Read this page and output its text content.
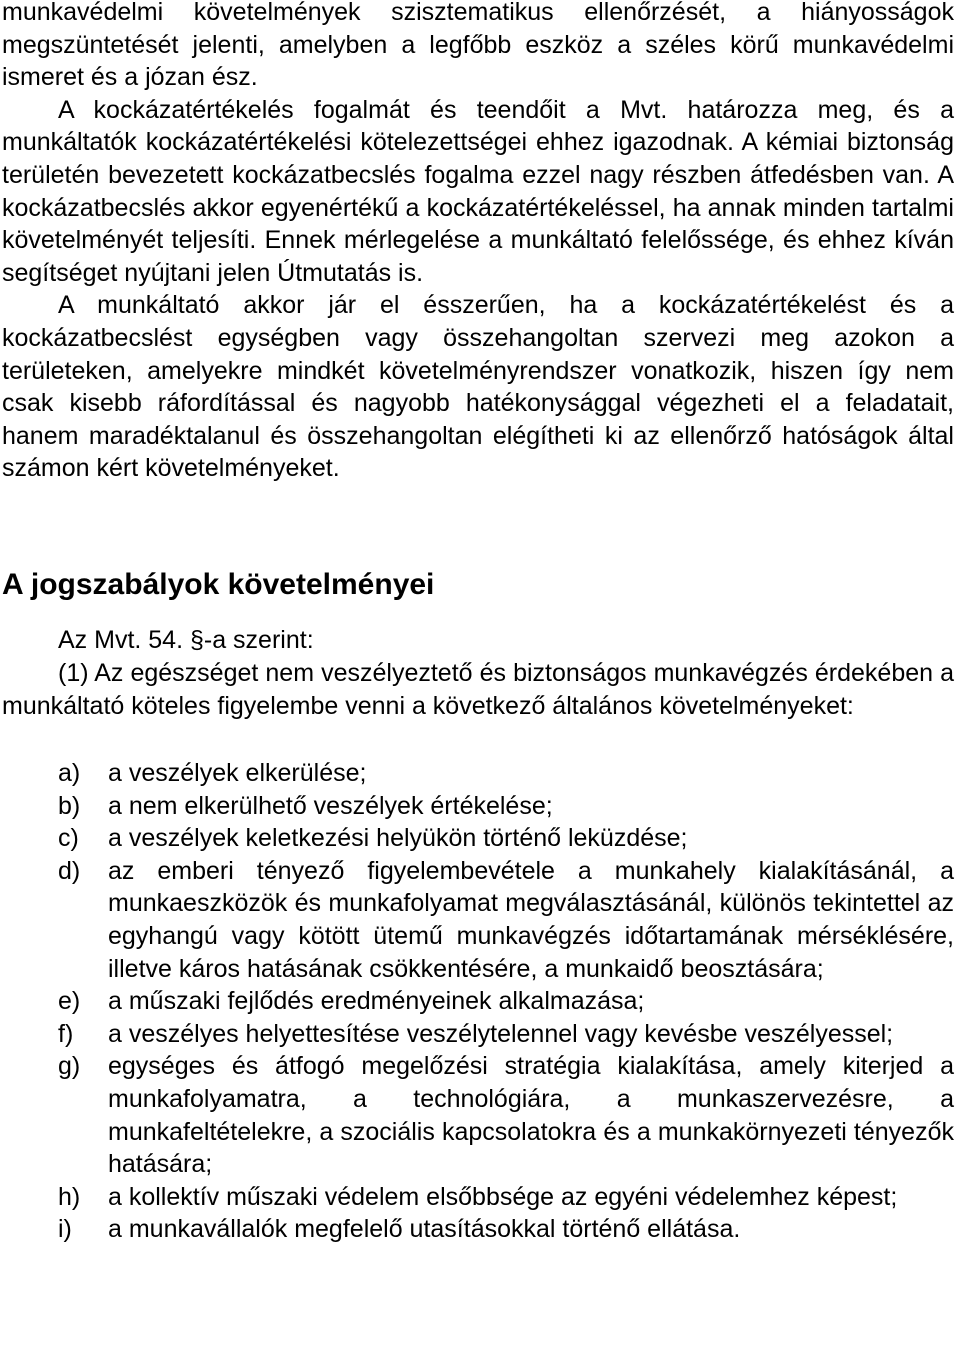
munkavédelmi követelmények szisztematikus ellenőrzését, a hiányosságok megszüntetését jelenti, amelyben a legfőbb eszköz a széles körű munkavédelmi ismeret és a józan ész.

A kockázatértékelés fogalmát és teendőit a Mvt. határozza meg, és a munkáltatók kockázatértékelési kötelezettségei ehhez igazodnak. A kémiai biztonság területén bevezetett kockázatbecslés fogalma ezzel nagy részben átfedésben van. A kockázatbecslés akkor egyenértékű a kockázatértékeléssel, ha annak minden tartalmi követelményét teljesíti. Ennek mérlegelése a munkáltató felelőssége, és ehhez kíván segítséget nyújtani jelen Útmutatás is.

A munkáltató akkor jár el ésszerűen, ha a kockázatértékelést és a kockázatbecslést egységben vagy összehangoltan szervezi meg azokon a területeken, amelyekre mindkét követelményrendszer vonatkozik, hiszen így nem csak kisebb ráfordítással és nagyobb hatékonysággal végezheti el a feladatait, hanem maradéktalanul és összehangoltan elégítheti ki az ellenőrző hatóságok által számon kért követelményeket.

A jogszabályok követelményei

Az Mvt. 54. §-a szerint:

(1) Az egészséget nem veszélyeztető és biztonságos munkavégzés érdekében a munkáltató köteles figyelembe venni a következő általános követelményeket:

a) a veszélyek elkerülése;
b) a nem elkerülhető veszélyek értékelése;
c) a veszélyek keletkezési helyükön történő leküzdése;
d) az emberi tényező figyelembevétele a munkahely kialakításánál, a munkaeszközök és munkafolyamat megválasztásánál, különös tekintettel az egyhangú vagy kötött ütemű munkavégzés időtartamának mérséklésére, illetve káros hatásának csökkentésére, a munkaidő beosztására;
e) a műszaki fejlődés eredményeinek alkalmazása;
f) a veszélyes helyettesítése veszélytelennel vagy kevésbe veszélyessel;
g) egységes és átfogó megelőzési stratégia kialakítása, amely kiterjed a munkafolyamatra, a technológiára, a munkaszervezésre, a munkafeltételekre, a szociális kapcsolatokra és a munkakörnyezeti tényezők hatására;
h) a kollektív műszaki védelem elsőbbsége az egyéni védelemhez képest;
i) a munkavállalók megfelelő utasításokkal történő ellátása.
